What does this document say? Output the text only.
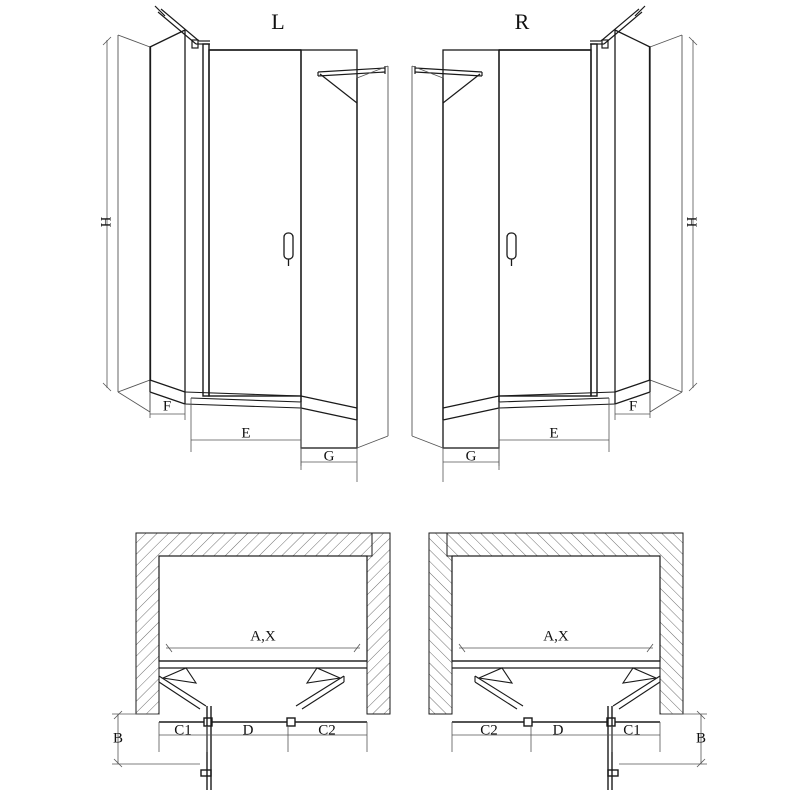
H
F
E
G
L
H
F
E
G
R
B	C1	D	C2
A,X
B
C2	D	C1
A,X
